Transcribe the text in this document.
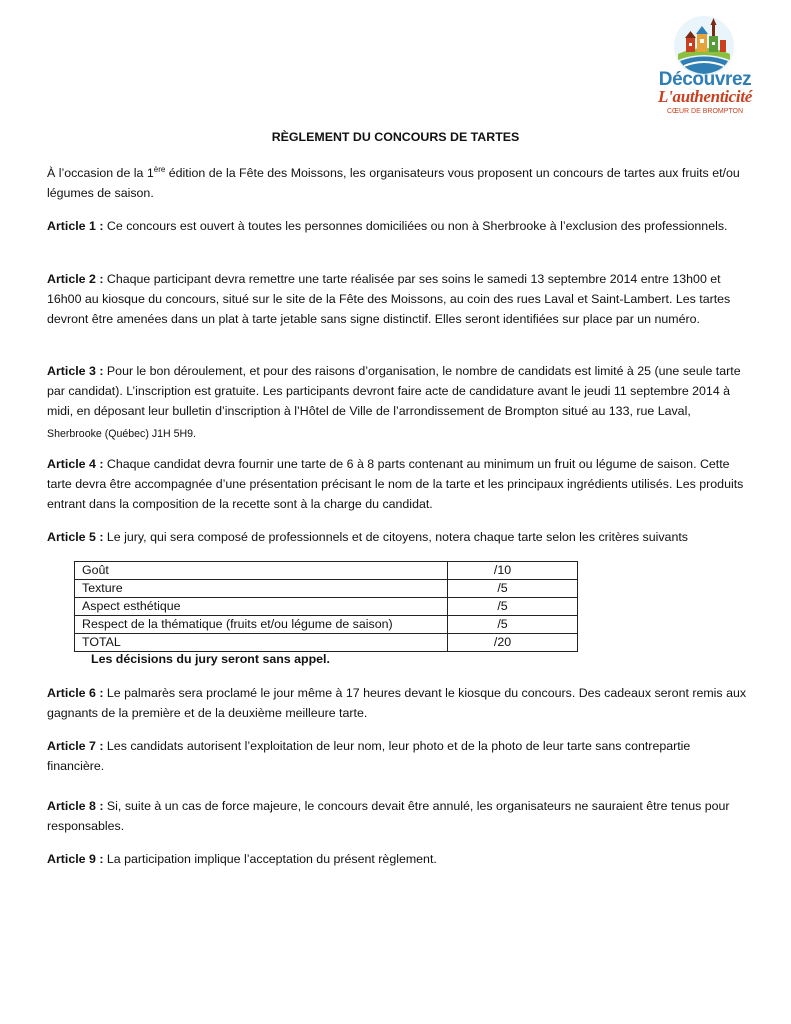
Découvrez
L'authenticité
CŒUR DE BROMPTON
RÈGLEMENT DU CONCOURS DE TARTES

À l’occasion de la 1ère édition de la Fête des Moissons, les organisateurs vous proposent un concours de tartes aux fruits et/ou légumes de saison.

Article 1 : Ce concours est ouvert à toutes les personnes domiciliées ou non à Sherbrooke à l’exclusion des professionnels.

Article 2 : Chaque participant devra remettre une tarte réalisée par ses soins le samedi 13 septembre 2014 entre 13h00 et 16h00 au kiosque du concours, situé sur le site de la Fête des Moissons, au coin des rues Laval et Saint-Lambert. Les tartes devront être amenées dans un plat à tarte jetable sans signe distinctif. Elles seront identifiées sur place par un numéro.

Article 3 : Pour le bon déroulement, et pour des raisons d’organisation, le nombre de candidats est limité à 25 (une seule tarte par candidat). L’inscription est gratuite. Les participants devront faire acte de candidature avant le jeudi 11 septembre 2014 à midi, en déposant leur bulletin d’inscription à l’Hôtel de Ville de l’arrondissement de Brompton situé au 133, rue Laval, Sherbrooke (Québec) J1H 5H9.

Article 4 : Chaque candidat devra fournir une tarte de 6 à 8 parts contenant au minimum un fruit ou légume de saison. Cette tarte devra être accompagnée d’une présentation précisant le nom de la tarte et les principaux ingrédients utilisés. Les produits entrant dans la composition de la recette sont à la charge du candidat.

Article 5 : Le jury, qui sera composé de professionnels et de citoyens, notera chaque tarte selon les critères suivants

Goût	/10
Texture	/5
Aspect esthétique	/5
Respect de la thématique (fruits et/ou légume de saison)	/5
TOTAL	/20
Les décisions du jury seront sans appel.

Article 6 : Le palmarès sera proclamé le jour même à 17 heures devant le kiosque du concours. Des cadeaux seront remis aux gagnants de la première et de la deuxième meilleure tarte.

Article 7 : Les candidats autorisent l’exploitation de leur nom, leur photo et de la photo de leur tarte sans contrepartie financière.

Article 8 : Si, suite à un cas de force majeure, le concours devait être annulé, les organisateurs ne sauraient être tenus pour responsables.

Article 9 : La participation implique l’acceptation du présent règlement.
